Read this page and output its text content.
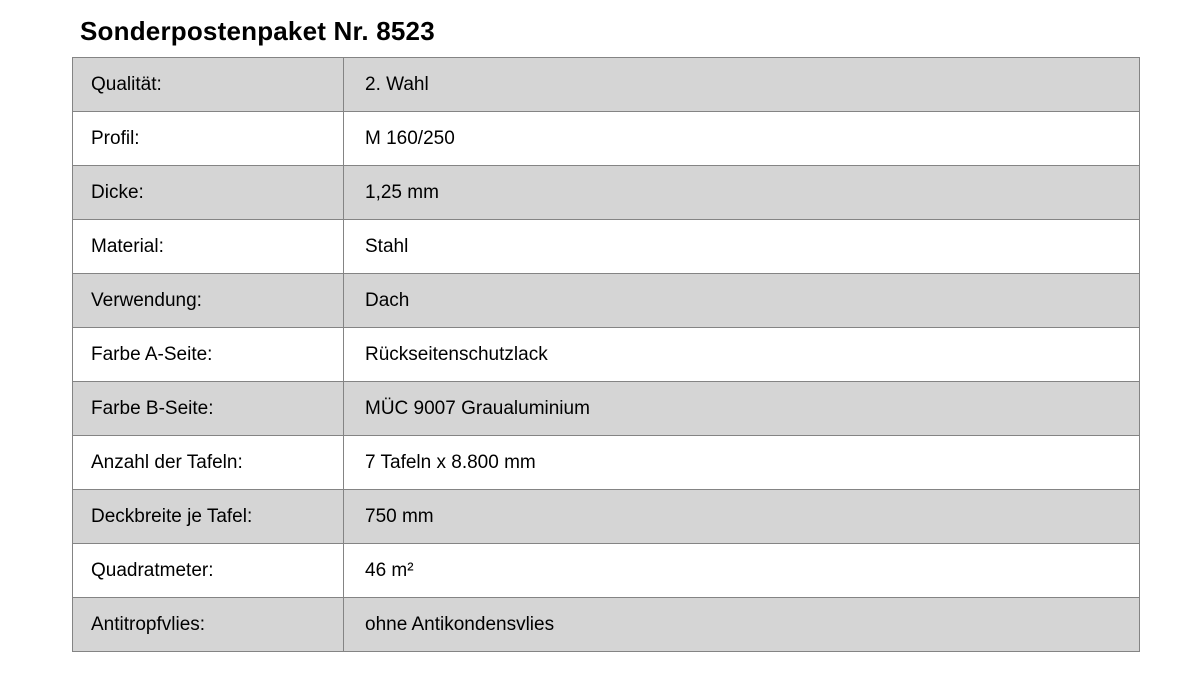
Sonderpostenpaket Nr. 8523
Qualität:	2. Wahl
Profil:	M 160/250
Dicke:	1,25 mm
Material:	Stahl
Verwendung:	Dach
Farbe A-Seite:	Rückseitenschutzlack
Farbe B-Seite:	MÜC 9007 Graualuminium
Anzahl der Tafeln:	7 Tafeln x 8.800 mm
Deckbreite je Tafel:	750 mm
Quadratmeter:	46 m²
Antitropfvlies:	ohne Antikondensvlies
